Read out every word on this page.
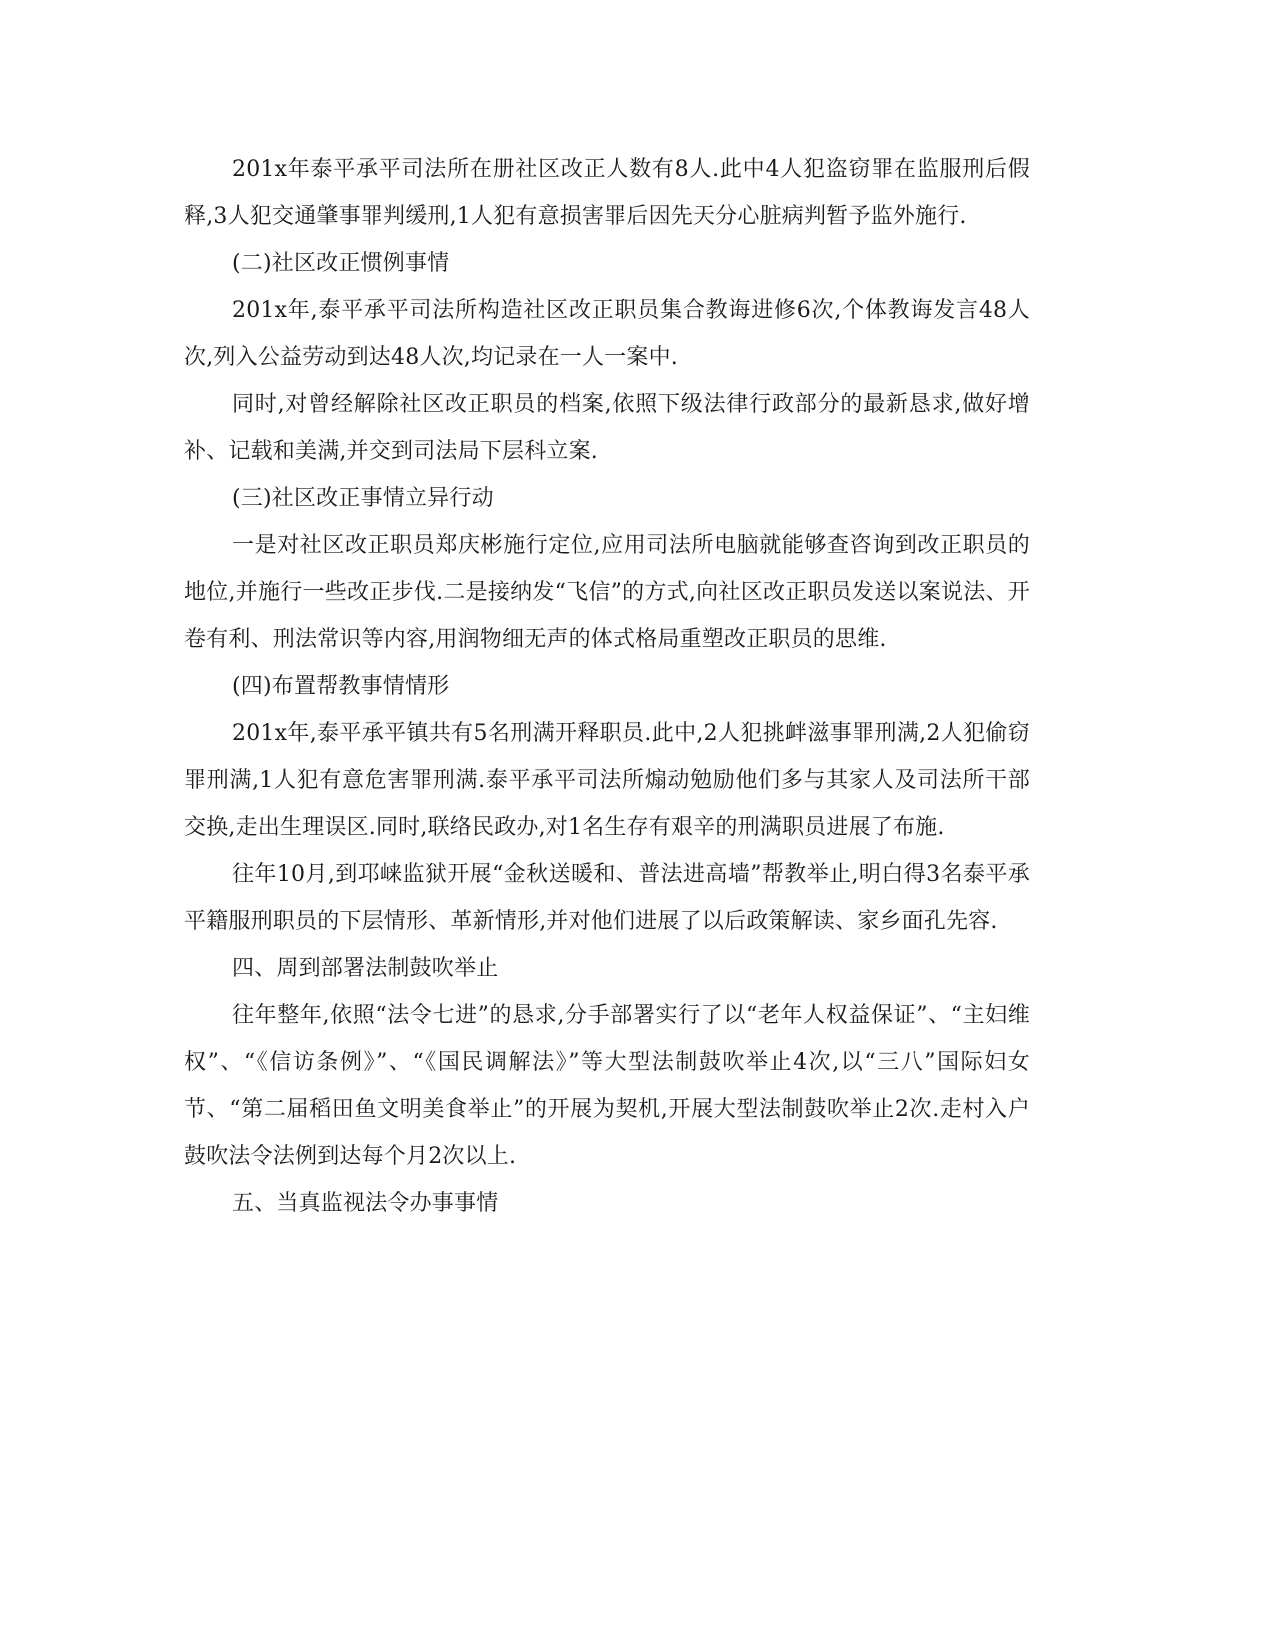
201x年泰平承平司法所在册社区改正人数有8人.此中4人犯盗窃罪在监服刑后假释,3人犯交通肇事罪判缓刑,1人犯有意损害罪后因先天分心脏病判暂予监外施行.

(二)社区改正惯例事情

201x年,泰平承平司法所构造社区改正职员集合教诲进修6次,个体教诲发言48人次,列入公益劳动到达48人次,均记录在一人一案中.

同时,对曾经解除社区改正职员的档案,依照下级法律行政部分的最新恳求,做好增补、记载和美满,并交到司法局下层科立案.

(三)社区改正事情立异行动

一是对社区改正职员郑庆彬施行定位,应用司法所电脑就能够查咨询到改正职员的地位,并施行一些改正步伐.二是接纳发“飞信”的方式,向社区改正职员发送以案说法、开卷有利、刑法常识等内容,用润物细无声的体式格局重塑改正职员的思维.

(四)布置帮教事情情形

201x年,泰平承平镇共有5名刑满开释职员.此中,2人犯挑衅滋事罪刑满,2人犯偷窃罪刑满,1人犯有意危害罪刑满.泰平承平司法所煽动勉励他们多与其家人及司法所干部交换,走出生理误区.同时,联络民政办,对1名生存有艰辛的刑满职员进展了布施.

往年10月,到邛崃监狱开展“金秋送暖和、普法进高墙”帮教举止,明白得3名泰平承平籍服刑职员的下层情形、革新情形,并对他们进展了以后政策解读、家乡面孔先容.

四、周到部署法制鼓吹举止

往年整年,依照“法令七进”的恳求,分手部署实行了以“老年人权益保证”、“主妇维权”、“《信访条例》”、“《国民调解法》”等大型法制鼓吹举止4次,以“三八”国际妇女节、“第二届稻田鱼文明美食举止”的开展为契机,开展大型法制鼓吹举止2次.走村入户鼓吹法令法例到达每个月2次以上.

五、当真监视法令办事事情
